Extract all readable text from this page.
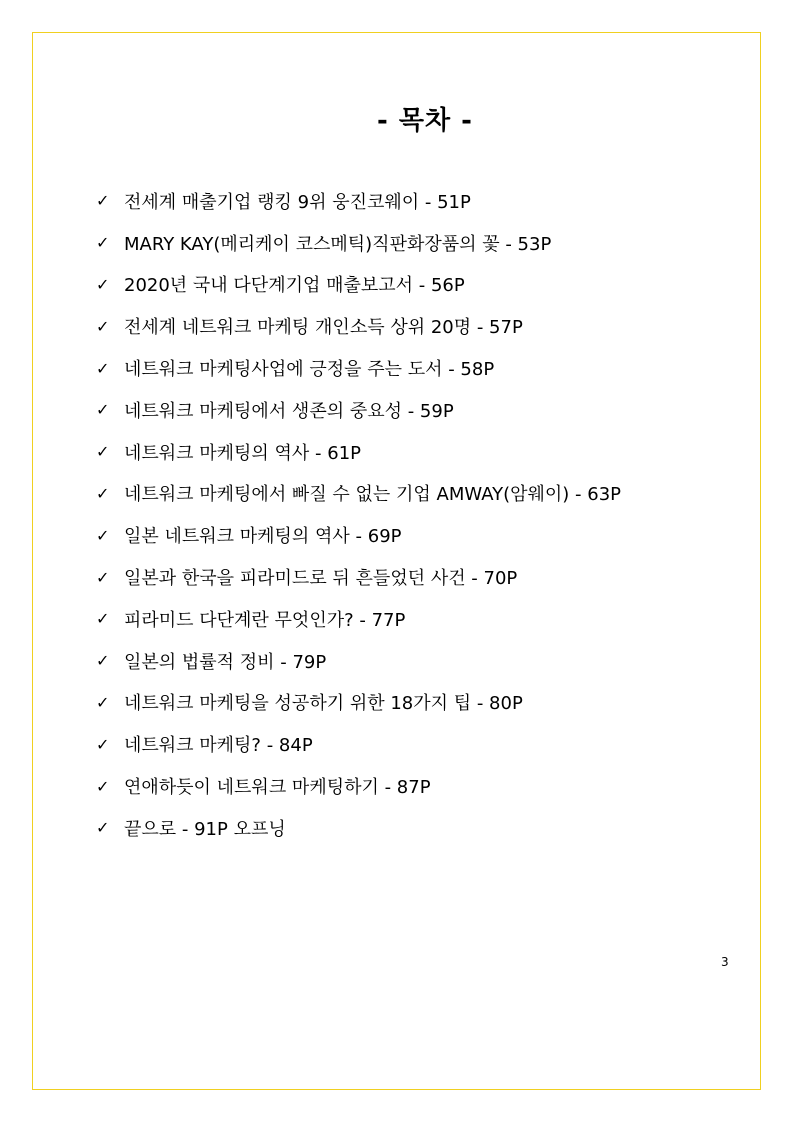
- 목차 -
✓ 전세계 매출기업 랭킹 9위 웅진코웨이 - 51P
✓ MARY KAY(메리케이 코스메틱)직판화장품의 꽃 - 53P
✓ 2020년 국내 다단계기업 매출보고서 - 56P
✓ 전세계 네트워크 마케팅 개인소득 상위 20명 - 57P
✓ 네트워크 마케팅사업에 긍정을 주는 도서 - 58P
✓ 네트워크 마케팅에서 생존의 중요성 - 59P
✓ 네트워크 마케팅의 역사 - 61P
✓ 네트워크 마케팅에서 빠질 수 없는 기업 AMWAY(암웨이) - 63P
✓ 일본 네트워크 마케팅의 역사 - 69P
✓ 일본과 한국을 피라미드로 뒤 흔들었던 사건 - 70P
✓ 피라미드 다단계란 무엇인가? - 77P
✓ 일본의 법률적 정비 - 79P
✓ 네트워크 마케팅을 성공하기 위한 18가지 팁 - 80P
✓ 네트워크 마케팅? - 84P
✓ 연애하듯이 네트워크 마케팅하기 - 87P
✓ 끝으로 - 91P 오프닝
3
